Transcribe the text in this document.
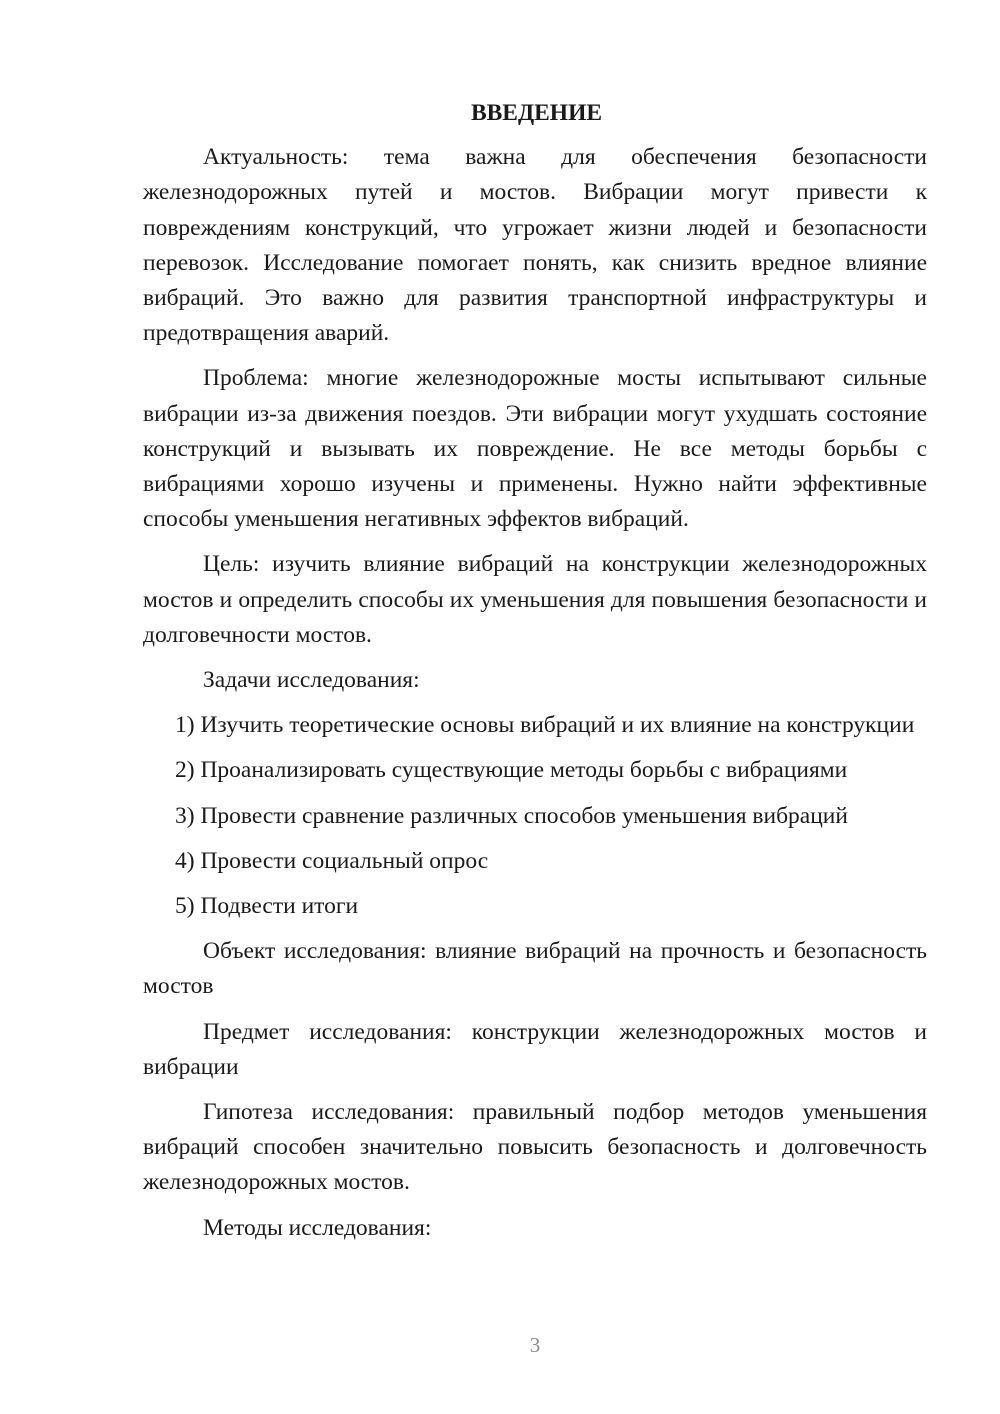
ВВЕДЕНИЕ

Актуальность: тема важна для обеспечения безопасности железнодорожных путей и мостов. Вибрации могут привести к повреждениям конструкций, что угрожает жизни людей и безопасности перевозок. Исследование помогает понять, как снизить вредное влияние вибраций. Это важно для развития транспортной инфраструктуры и предотвращения аварий.

Проблема: многие железнодорожные мосты испытывают сильные вибрации из-за движения поездов. Эти вибрации могут ухудшать состояние конструкций и вызывать их повреждение. Не все методы борьбы с вибрациями хорошо изучены и применены. Нужно найти эффективные способы уменьшения негативных эффектов вибраций.

Цель: изучить влияние вибраций на конструкции железнодорожных мостов и определить способы их уменьшения для повышения безопасности и долговечности мостов.

Задачи исследования:

1) Изучить теоретические основы вибраций и их влияние на конструкции

2) Проанализировать существующие методы борьбы с вибрациями

3) Провести сравнение различных способов уменьшения вибраций

4) Провести социальный опрос

5) Подвести итоги

Объект исследования: влияние вибраций на прочность и безопасность мостов

Предмет исследования: конструкции железнодорожных мостов и вибрации

Гипотеза исследования: правильный подбор методов уменьшения вибраций способен значительно повысить безопасность и долговечность железнодорожных мостов.

Методы исследования:

3
